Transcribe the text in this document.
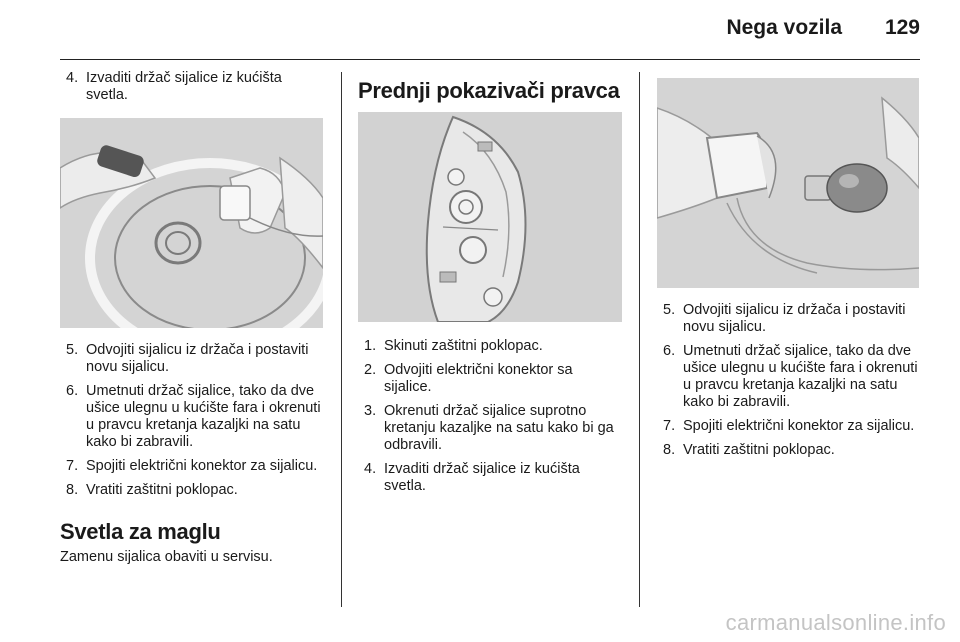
Nega vozila 129
4. Izvaditi držač sijalice iz kućišta svetla.
5. Odvojiti sijalicu iz držača i postaviti novu sijalicu.
6. Umetnuti držač sijalice, tako da dve ušice ulegnu u kućište fara i okrenuti u pravcu kretanja kazaljki na satu kako bi zabravili.
7. Spojiti električni konektor za sijalicu.
8. Vratiti zaštitni poklopac.
Svetla za maglu
Zamenu sijalica obaviti u servisu.
Prednji pokazivači pravca
1. Skinuti zaštitni poklopac.
2. Odvojiti električni konektor sa sijalice.
3. Okrenuti držač sijalice suprotno kretanju kazaljke na satu kako bi ga odbravili.
4. Izvaditi držač sijalice iz kućišta svetla.
5. Odvojiti sijalicu iz držača i postaviti novu sijalicu.
6. Umetnuti držač sijalice, tako da dve ušice ulegnu u kućište fara i okrenuti u pravcu kretanja kazaljki na satu kako bi zabravili.
7. Spojiti električni konektor za sijalicu.
8. Vratiti zaštitni poklopac.
carmanualsonline.info
